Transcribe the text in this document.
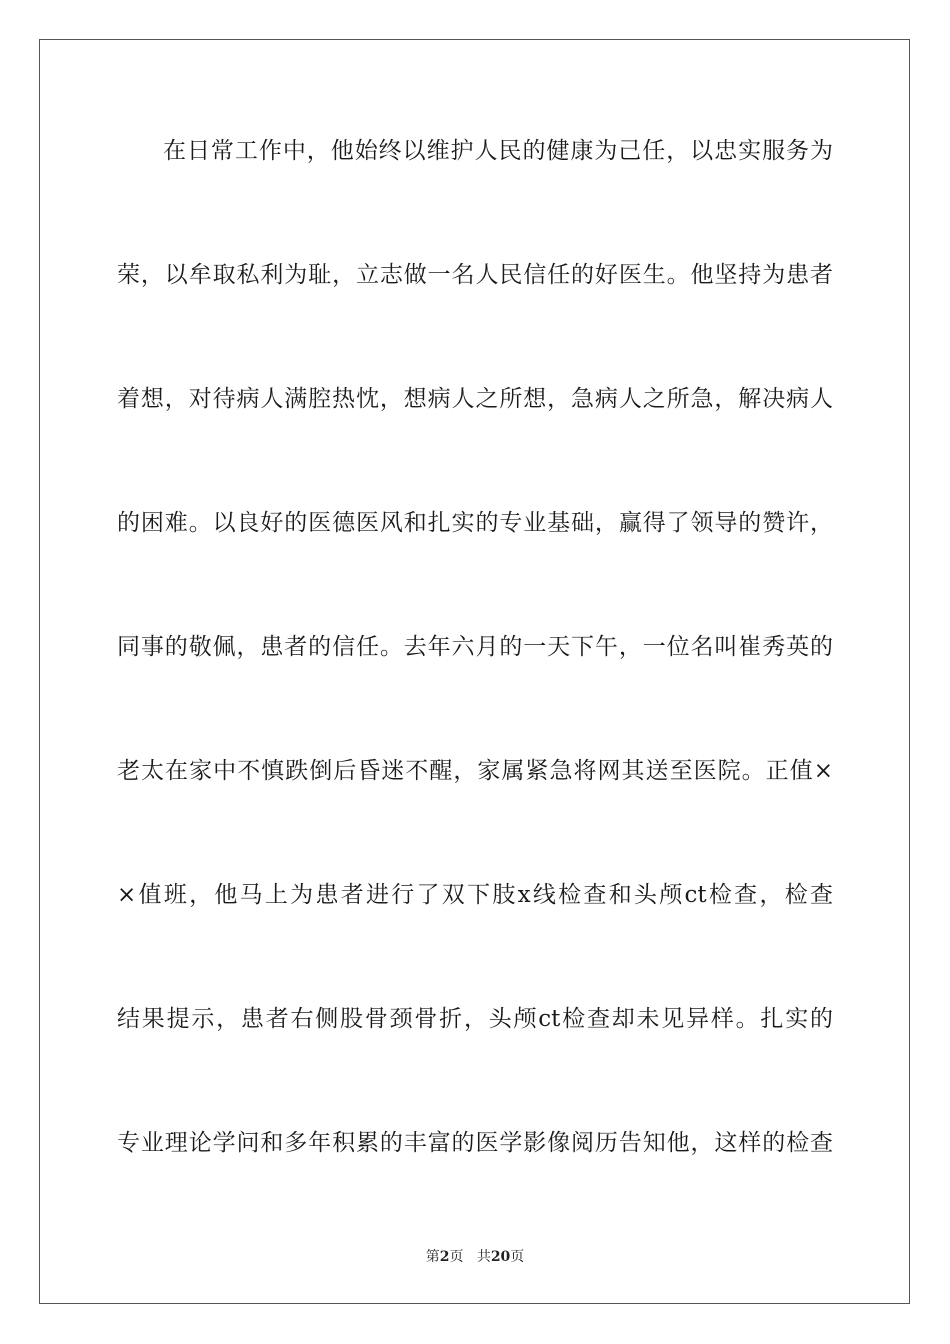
在日常工作中，他始终以维护人民的健康为己任，以忠实服务为
荣，以牟取私利为耻，立志做一名人民信任的好医生。他坚持为患者
着想，对待病人满腔热忱，想病人之所想，急病人之所急，解决病人
的困难。以良好的医德医风和扎实的专业基础，赢得了领导的赞许，
同事的敬佩，患者的信任。去年六月的一天下午，一位名叫崔秀英的
老太在家中不慎跌倒后昏迷不醒，家属紧急将网其送至医院。正值×
×值班，他马上为患者进行了双下肢x线检查和头颅ct检查，检查
结果提示，患者右侧股骨颈骨折，头颅ct检查却未见异样。扎实的
专业理论学问和多年积累的丰富的医学影像阅历告知他，这样的检查
第2页 共20页
